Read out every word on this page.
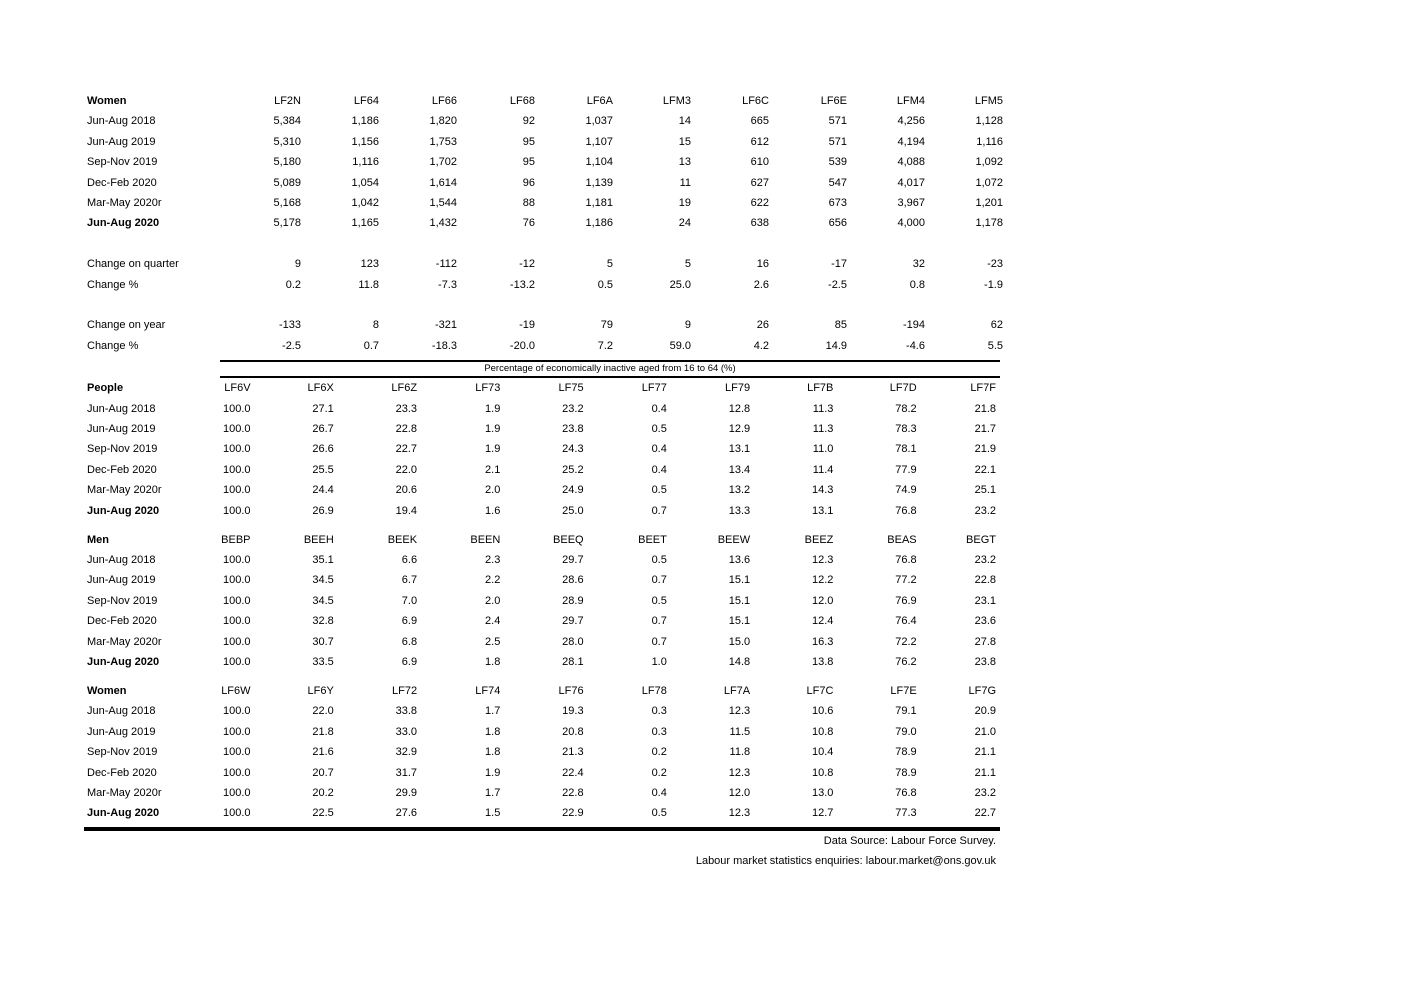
Women	LF2N	LF64	LF66	LF68	LF6A	LFM3	LF6C	LF6E	LFM4	LFM5
Jun-Aug 2018	5,384	1,186	1,820	92	1,037	14	665	571	4,256	1,128
Jun-Aug 2019	5,310	1,156	1,753	95	1,107	15	612	571	4,194	1,116
Sep-Nov 2019	5,180	1,116	1,702	95	1,104	13	610	539	4,088	1,092
Dec-Feb 2020	5,089	1,054	1,614	96	1,139	11	627	547	4,017	1,072
Mar-May 2020r	5,168	1,042	1,544	88	1,181	19	622	673	3,967	1,201
Jun-Aug 2020	5,178	1,165	1,432	76	1,186	24	638	656	4,000	1,178

Change on quarter	9	123	-112	-12	5	5	16	-17	32	-23
Change %	0.2	11.8	-7.3	-13.2	0.5	25.0	2.6	-2.5	0.8	-1.9

Change on year	-133	8	-321	-19	79	9	26	85	-194	62
Change %	-2.5	0.7	-18.3	-20.0	7.2	59.0	4.2	14.9	-4.6	5.5
Percentage of economically inactive aged from 16 to 64 (%)										

People	LF6V	LF6X	LF6Z	LF73	LF75	LF77	LF79	LF7B	LF7D	LF7F
Jun-Aug 2018	100.0	27.1	23.3	1.9	23.2	0.4	12.8	11.3	78.2	21.8
Jun-Aug 2019	100.0	26.7	22.8	1.9	23.8	0.5	12.9	11.3	78.3	21.7
Sep-Nov 2019	100.0	26.6	22.7	1.9	24.3	0.4	13.1	11.0	78.1	21.9
Dec-Feb 2020	100.0	25.5	22.0	2.1	25.2	0.4	13.4	11.4	77.9	22.1
Mar-May 2020r	100.0	24.4	20.6	2.0	24.9	0.5	13.2	14.3	74.9	25.1
Jun-Aug 2020	100.0	26.9	19.4	1.6	25.0	0.7	13.3	13.1	76.8	23.2

Men	BEBP	BEEH	BEEK	BEEN	BEEQ	BEET	BEEW	BEEZ	BEAS	BEGT
Jun-Aug 2018	100.0	35.1	6.6	2.3	29.7	0.5	13.6	12.3	76.8	23.2
Jun-Aug 2019	100.0	34.5	6.7	2.2	28.6	0.7	15.1	12.2	77.2	22.8
Sep-Nov 2019	100.0	34.5	7.0	2.0	28.9	0.5	15.1	12.0	76.9	23.1
Dec-Feb 2020	100.0	32.8	6.9	2.4	29.7	0.7	15.1	12.4	76.4	23.6
Mar-May 2020r	100.0	30.7	6.8	2.5	28.0	0.7	15.0	16.3	72.2	27.8
Jun-Aug 2020	100.0	33.5	6.9	1.8	28.1	1.0	14.8	13.8	76.2	23.8

Women	LF6W	LF6Y	LF72	LF74	LF76	LF78	LF7A	LF7C	LF7E	LF7G
Jun-Aug 2018	100.0	22.0	33.8	1.7	19.3	0.3	12.3	10.6	79.1	20.9
Jun-Aug 2019	100.0	21.8	33.0	1.8	20.8	0.3	11.5	10.8	79.0	21.0
Sep-Nov 2019	100.0	21.6	32.9	1.8	21.3	0.2	11.8	10.4	78.9	21.1
Dec-Feb 2020	100.0	20.7	31.7	1.9	22.4	0.2	12.3	10.8	78.9	21.1
Mar-May 2020r	100.0	20.2	29.9	1.7	22.8	0.4	12.0	13.0	76.8	23.2
Jun-Aug 2020	100.0	22.5	27.6	1.5	22.9	0.5	12.3	12.7	77.3	22.7
Data Source: Labour Force Survey.
Labour market statistics enquiries: labour.market@ons.gov.uk
